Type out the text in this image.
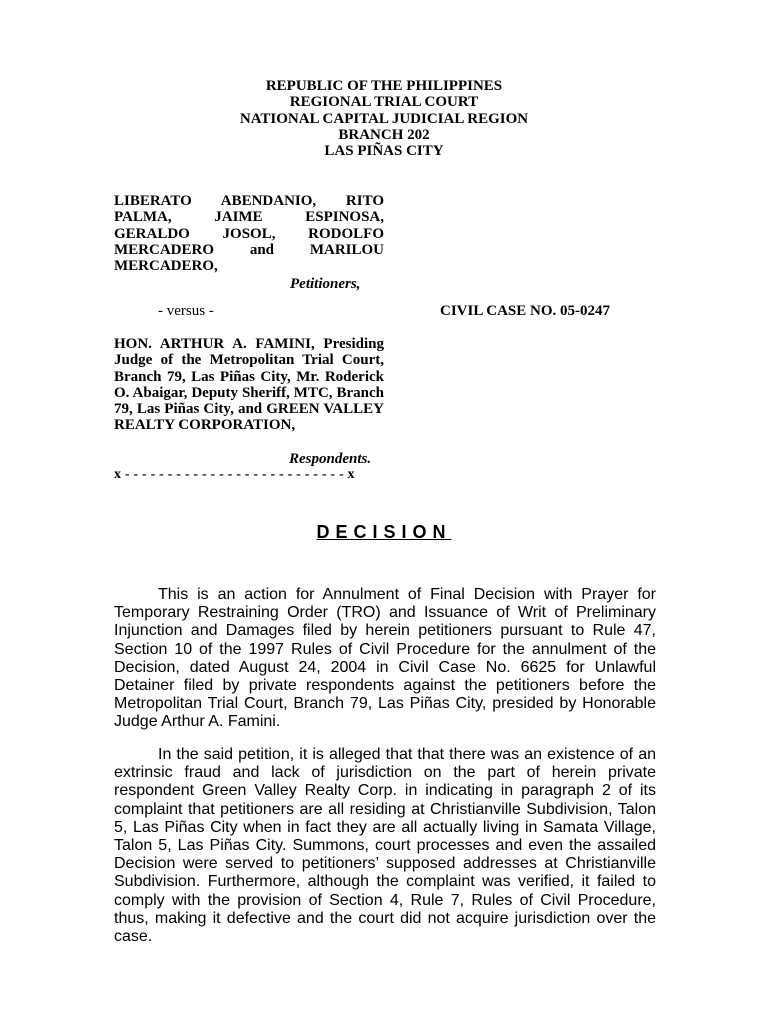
REPUBLIC OF THE PHILIPPINES
REGIONAL TRIAL COURT
NATIONAL CAPITAL JUDICIAL REGION
BRANCH 202
LAS PIÑAS CITY
LIBERATO ABENDANIO, RITO PALMA, JAIME ESPINOSA, GERALDO JOSOL, RODOLFO MERCADERO and MARILOU MERCADERO,
Petitioners,
- versus -	CIVIL CASE NO. 05-0247
HON. ARTHUR A. FAMINI, Presiding Judge of the Metropolitan Trial Court, Branch 79, Las Piñas City, Mr. Roderick O. Abaigar, Deputy Sheriff, MTC, Branch 79, Las Piñas City, and GREEN VALLEY REALTY CORPORATION,
Respondents.
x - - - - - - - - - - - - - - - - - - - - - - - - - - x
DECISION

This is an action for Annulment of Final Decision with Prayer for Temporary Restraining Order (TRO) and Issuance of Writ of Preliminary Injunction and Damages filed by herein petitioners pursuant to Rule 47, Section 10 of the 1997 Rules of Civil Procedure for the annulment of the Decision, dated August 24, 2004 in Civil Case No. 6625 for Unlawful Detainer filed by private respondents against the petitioners before the Metropolitan Trial Court, Branch 79, Las Piñas City, presided by Honorable Judge Arthur A. Famini.

In the said petition, it is alleged that that there was an existence of an extrinsic fraud and lack of jurisdiction on the part of herein private respondent Green Valley Realty Corp. in indicating in paragraph 2 of its complaint that petitioners are all residing at Christianville Subdivision, Talon 5, Las Piñas City when in fact they are all actually living in Samata Village, Talon 5, Las Piñas City. Summons, court processes and even the assailed Decision were served to petitioners’ supposed addresses at Christianville Subdivision. Furthermore, although the complaint was verified, it failed to comply with the provision of Section 4, Rule 7, Rules of Civil Procedure, thus, making it defective and the court did not acquire jurisdiction over the case.
